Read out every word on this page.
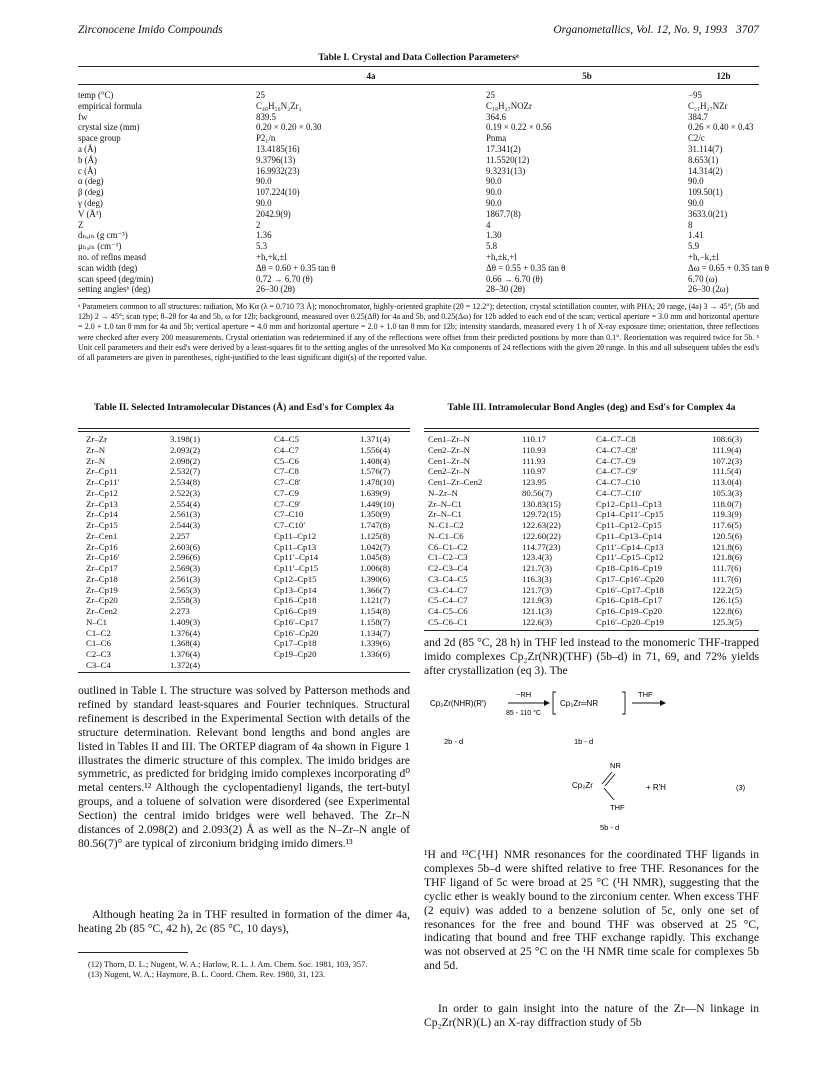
Zirconocene Imido Compounds	Organometallics, Vol. 12, No. 9, 1993   3707
Table I. Crystal and Data Collection Parametersᵃ
4a	5b	12b
temp (°C)	25	25	−95
empirical formula	C₄₀H₅₆N₂Zr₂	C₁₈H₂₇NOZr	C₂₁H₂₇NZr
fw	839.5	364.6	384.7
crystal size (mm)	0.20 × 0.20 × 0.30	0.19 × 0.22 × 0.56	0.26 × 0.40 × 0.43
space group	P2₁/n	Pnma	C2/c
a (Å)	13.4185(16)	17.341(2)	31.114(7)
b (Å)	9.3796(13)	11.5520(12)	8.653(1)
c (Å)	16.9932(23)	9.3231(13)	14.314(2)
α (deg)	90.0	90.0	90.0
β (deg)	107.224(10)	90.0	109.50(1)
γ (deg)	90.0	90.0	90.0
V (Å³)	2042.9(9)	1867.7(8)	3633.0(21)
Z	2	4	8
dₕₐₗₕ (g cm⁻³)	1.36	1.30	1.41
μₕₐₗₕ (cm⁻¹)	5.3	5.8	5.9
no. of reflns measd	+h,+k,±l	+h,±k,+l	+h,−k,±l
scan width (deg)	Δθ = 0.60 + 0.35 tan θ	Δθ = 0.55 + 0.35 tan θ	Δω = 0.65 + 0.35 tan θ
scan speed (deg/min)	0.72 → 6.70 (θ)	0.66 → 6.70 (θ)	6.70 (ω)
setting anglesᵇ (deg)	26–30 (2θ)	28–30 (2θ)	26–30 (2ω)
ᵃ Parameters common to all structures: radiation, Mo Kα (λ = 0.710 73 Å); monochromator, highly-oriented graphite (2θ = 12.2°); detection, crystal scintillation counter, with PHA; 2θ range, (4a) 3 → 45°, (5b and 12b) 2 → 45°; scan type; θ–2θ for 4a and 5b, ω for 12b; background, measured over 0.25(Δθ) for 4a and 5b, and 0.25(Δω) for 12b added to each end of the scan; vertical aperture = 3.0 mm and horizontal aperture = 2.0 + 1.0 tan θ mm for 4a and 5b; vertical aperture = 4.0 mm and horizontal aperture = 2.0 + 1.0 tan θ mm for 12b; intensity standards, measured every 1 h of X-ray exposure time; orientation, three reflections were checked after every 200 measurements. Crystal orientation was redetermined if any of the reflections were offset from their predicted positions by more than 0.1°. Reorientation was required twice for 5b. ᵇ Unit cell parameters and their esd's were derived by a least-squares fit to the setting angles of the unresolved Mo Kα components of 24 reflections with the given 2θ range. In this and all subsequent tables the esd's of all parameters are given in parentheses, right-justified to the least significant digit(s) of the reported value.
Table II. Selected Intramolecular Distances (Å) and Esd's for Complex 4a
Zr–Zr	3.198(1)	C4–C5	1.371(4)
Zr–N	2.093(2)	C4–C7	1.556(4)
Zr–N	2.098(2)	C5–C6	1.408(4)
Zr–Cp11	2.532(7)	C7–C8	1.576(7)
Zr–Cp11′	2.534(8)	C7–C8′	1.478(10)
Zr–Cp12	2.522(3)	C7–C9	1.639(9)
Zr–Cp13	2.554(4)	C7–C9′	1.449(10)
Zr–Cp14	2.561(3)	C7–C10	1.350(9)
Zr–Cp15	2.544(3)	C7–C10′	1.747(8)
Zr–Cen1	2.257	Cp11–Cp12	1.125(8)
Zr–Cp16	2.603(6)	Cp11–Cp13	1.042(7)
Zr–Cp16′	2.596(6)	Cp11′–Cp14	1.045(8)
Zr–Cp17	2.569(3)	Cp11′–Cp15	1.006(8)
Zr–Cp18	2.561(3)	Cp12–Cp15	1.390(6)
Zr–Cp19	2.565(3)	Cp13–Cp14	1.366(7)
Zr–Cp20	2.558(3)	Cp16–Cp18	1.121(7)
Zr–Cen2	2.273	Cp16–Cp19	1.154(8)
N–C1	1.409(3)	Cp16′–Cp17	1.158(7)
C1–C2	1.376(4)	Cp16′–Cp20	1.134(7)
C1–C6	1.368(4)	Cp17–Cp18	1.339(6)
C2–C3	1.376(4)	Cp19–Cp20	1.336(6)
C3–C4	1.372(4)
Table III. Intramolecular Bond Angles (deg) and Esd's for Complex 4a
Cen1–Zr–N	110.17	C4–C7–C8	108.6(3)
Cen2–Zr–N	110.93	C4–C7–C8′	111.9(4)
Cen1–Zr–N	111.93	C4–C7–C9	107.2(3)
Cen2–Zr–N	110.97	C4–C7–C9′	111.5(4)
Cen1–Zr–Cen2	123.95	C4–C7–C10	113.0(4)
N–Zr–N	80.56(7)	C4–C7–C10′	105.3(3)
Zr–N–C1	130.83(15)	Cp12–Cp11–Cp13	118.0(7)
Zr–N–C1	129.72(15)	Cp14–Cp11′–Cp15	119.3(9)
N–C1–C2	122.63(22)	Cp11–Cp12–Cp15	117.6(5)
N–C1–C6	122.60(22)	Cp11–Cp13–Cp14	120.5(6)
C6–C1–C2	114.77(23)	Cp11′–Cp14–Cp13	121.8(6)
C1–C2–C3	123.4(3)	Cp11′–Cp15–Cp12	121.8(6)
C2–C3–C4	121.7(3)	Cp18–Cp16–Cp19	111.7(6)
C3–C4–C5	116.3(3)	Cp17–Cp16′–Cp20	111.7(6)
C3–C4–C7	121.7(3)	Cp16′–Cp17–Cp18	122.2(5)
C5–C4–C7	121.9(3)	Cp16–Cp18–Cp17	126.1(5)
C4–C5–C6	121.1(3)	Cp16–Cp19–Cp20	122.8(6)
C5–C6–C1	122.6(3)	Cp16′–Cp20–Cp19	125.3(5)
outlined in Table I. The structure was solved by Patterson methods and refined by standard least-squares and Fourier techniques. Structural refinement is described in the Experimental Section with details of the structure determination. Relevant bond lengths and bond angles are listed in Tables II and III. The ORTEP diagram of 4a shown in Figure 1 illustrates the dimeric structure of this complex. The imido bridges are symmetric, as predicted for bridging imido complexes incorporating d⁰ metal centers.¹² Although the cyclopentadienyl ligands, the tert-butyl groups, and a toluene of solvation were disordered (see Experimental Section) the central imido bridges were well behaved. The Zr–N distances of 2.098(2) and 2.093(2) Å as well as the N–Zr–N angle of 80.56(7)° are typical of zirconium bridging imido dimers.¹³
Although heating 2a in THF resulted in formation of the dimer 4a, heating 2b (85 °C, 42 h), 2c (85 °C, 10 days),
(12) Thorn, D. L.; Nugent, W. A.; Harlow, R. L. J. Am. Chem. Soc. 1981, 103, 357.
(13) Nugent, W. A.; Haymore, B. L. Coord. Chem. Rev. 1980, 31, 123.
and 2d (85 °C, 28 h) in THF led instead to the monomeric THF-trapped imido complexes Cp₂Zr(NR)(THF) (5b–d) in 71, 69, and 72% yields after crystallization (eq 3). The
Cp₂Zr(NHR)(R′)
−RH
85 - 110 °C
Cp₂Zr═NR
THF
2b - d	1b - d
NR
Cp₂Zr
THF
+ R′H	(3)
5b - d
¹H and ¹³C{¹H} NMR resonances for the coordinated THF ligands in complexes 5b–d were shifted relative to free THF. Resonances for the THF ligand of 5c were broad at 25 °C (¹H NMR), suggesting that the cyclic ether is weakly bound to the zirconium center. When excess THF (2 equiv) was added to a benzene solution of 5c, only one set of resonances for the free and bound THF was observed at 25 °C, indicating that bound and free THF exchange rapidly. This exchange was not observed at 25 °C on the ¹H NMR time scale for complexes 5b and 5d.
In order to gain insight into the nature of the Zr—N linkage in Cp₂Zr(NR)(L) an X-ray diffraction study of 5b
